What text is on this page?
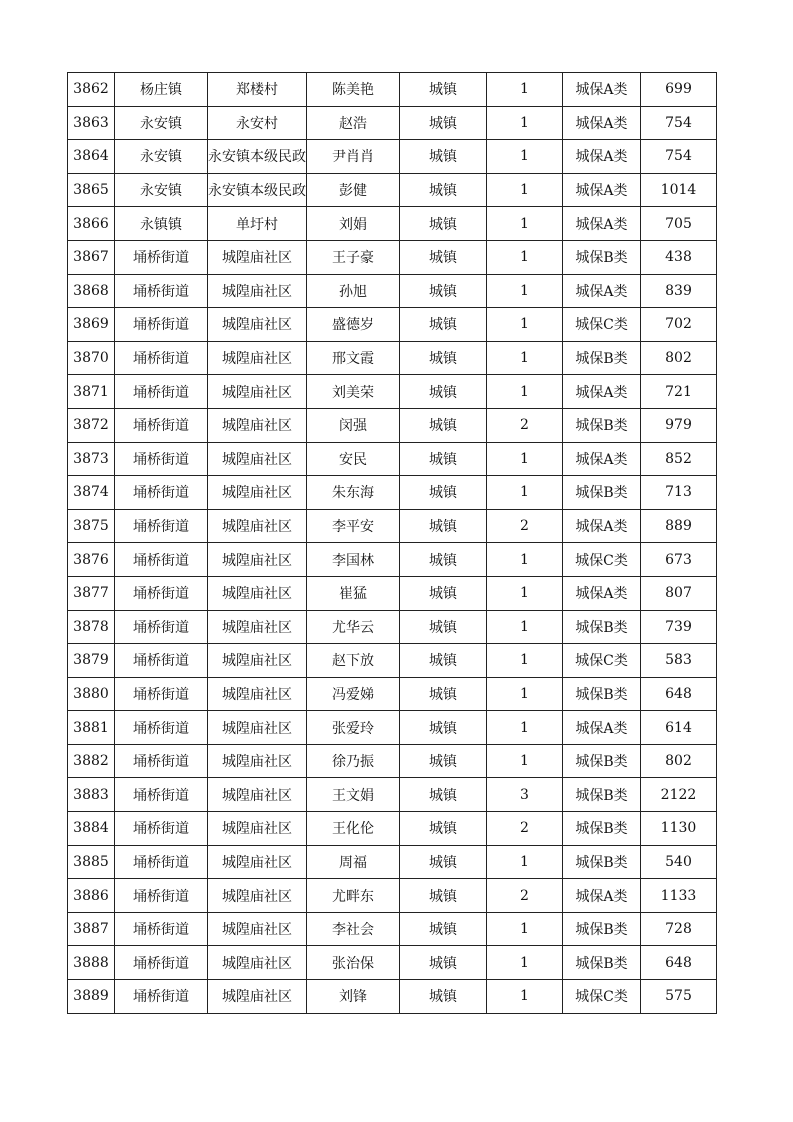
3862	杨庄镇	郑楼村	陈美艳	城镇	1	城保A类	699
3863	永安镇	永安村	赵浩	城镇	1	城保A类	754
3864	永安镇	永安镇本级民政	尹肖肖	城镇	1	城保A类	754
3865	永安镇	永安镇本级民政	彭健	城镇	1	城保A类	1014
3866	永镇镇	单圩村	刘娟	城镇	1	城保A类	705
3867	埇桥街道	城隍庙社区	王子豪	城镇	1	城保B类	438
3868	埇桥街道	城隍庙社区	孙旭	城镇	1	城保A类	839
3869	埇桥街道	城隍庙社区	盛德岁	城镇	1	城保C类	702
3870	埇桥街道	城隍庙社区	邢文霞	城镇	1	城保B类	802
3871	埇桥街道	城隍庙社区	刘美荣	城镇	1	城保A类	721
3872	埇桥街道	城隍庙社区	闵强	城镇	2	城保B类	979
3873	埇桥街道	城隍庙社区	安民	城镇	1	城保A类	852
3874	埇桥街道	城隍庙社区	朱东海	城镇	1	城保B类	713
3875	埇桥街道	城隍庙社区	李平安	城镇	2	城保A类	889
3876	埇桥街道	城隍庙社区	李国林	城镇	1	城保C类	673
3877	埇桥街道	城隍庙社区	崔猛	城镇	1	城保A类	807
3878	埇桥街道	城隍庙社区	尤华云	城镇	1	城保B类	739
3879	埇桥街道	城隍庙社区	赵下放	城镇	1	城保C类	583
3880	埇桥街道	城隍庙社区	冯爱娣	城镇	1	城保B类	648
3881	埇桥街道	城隍庙社区	张爱玲	城镇	1	城保A类	614
3882	埇桥街道	城隍庙社区	徐乃振	城镇	1	城保B类	802
3883	埇桥街道	城隍庙社区	王文娟	城镇	3	城保B类	2122
3884	埇桥街道	城隍庙社区	王化伦	城镇	2	城保B类	1130
3885	埇桥街道	城隍庙社区	周福	城镇	1	城保B类	540
3886	埇桥街道	城隍庙社区	尤畔东	城镇	2	城保A类	1133
3887	埇桥街道	城隍庙社区	李社会	城镇	1	城保B类	728
3888	埇桥街道	城隍庙社区	张治保	城镇	1	城保B类	648
3889	埇桥街道	城隍庙社区	刘锋	城镇	1	城保C类	575
